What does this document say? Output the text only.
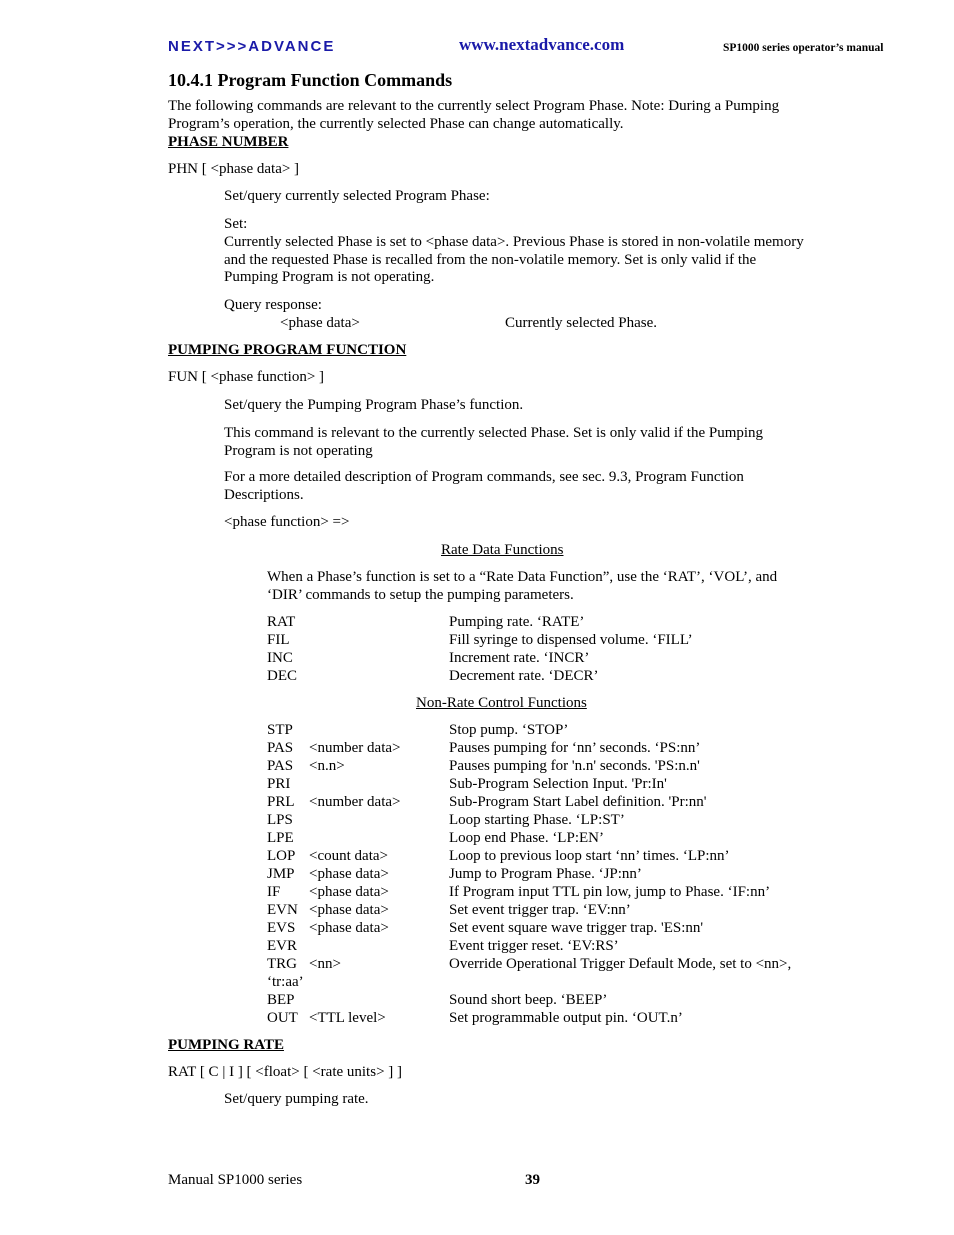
NEXT>>>ADVANCE	www.nextadvance.com	SP1000 series operator’s manual
10.4.1 Program Function Commands
The following commands are relevant to the currently select Program Phase. Note: During a Pumping
Program’s operation, the currently selected Phase can change automatically.
PHASE NUMBER
PHN [ <phase data> ]
Set/query currently selected Program Phase:
Set:
Currently selected Phase is set to <phase data>. Previous Phase is stored in non-volatile memory
and the requested Phase is recalled from the non-volatile memory. Set is only valid if the
Pumping Program is not operating.
Query response:
<phase data>	Currently selected Phase.
PUMPING PROGRAM FUNCTION
FUN [ <phase function> ]
Set/query the Pumping Program Phase’s function.
This command is relevant to the currently selected Phase. Set is only valid if the Pumping
Program is not operating
For a more detailed description of Program commands, see sec. 9.3, Program Function
Descriptions.
<phase function> =>
Rate Data Functions
When a Phase’s function is set to a “Rate Data Function”, use the ‘RAT’, ‘VOL’, and
‘DIR’ commands to setup the pumping parameters.
RAT	Pumping rate. ‘RATE’
FIL	Fill syringe to dispensed volume. ‘FILL’
INC	Increment rate. ‘INCR’
DEC	Decrement rate. ‘DECR’
Non-Rate Control Functions
STP	Stop pump. ‘STOP’
PAS <number data>	Pauses pumping for ‘nn’ seconds. ‘PS:nn’
PAS <n.n>	Pauses pumping for 'n.n' seconds. 'PS:n.n'
PRI	Sub-Program Selection Input. 'Pr:In'
PRL <number data>	Sub-Program Start Label definition. 'Pr:nn'
LPS	Loop starting Phase. ‘LP:ST’
LPE	Loop end Phase. ‘LP:EN’
LOP <count data>	Loop to previous loop start ‘nn’ times. ‘LP:nn’
JMP <phase data>	Jump to Program Phase. ‘JP:nn’
IF <phase data>	If Program input TTL pin low, jump to Phase. ‘IF:nn’
EVN <phase data>	Set event trigger trap. ‘EV:nn’
EVS <phase data>	Set event square wave trigger trap. 'ES:nn'
EVR	Event trigger reset. ‘EV:RS’
TRG <nn>	Override Operational Trigger Default Mode, set to <nn>,
‘tr:aa’
BEP	Sound short beep. ‘BEEP’
OUT <TTL level>	Set programmable output pin. ‘OUT.n’
PUMPING RATE
RAT [ C | I ] [ <float> [ <rate units> ] ]
Set/query pumping rate.
Manual SP1000 series	39
